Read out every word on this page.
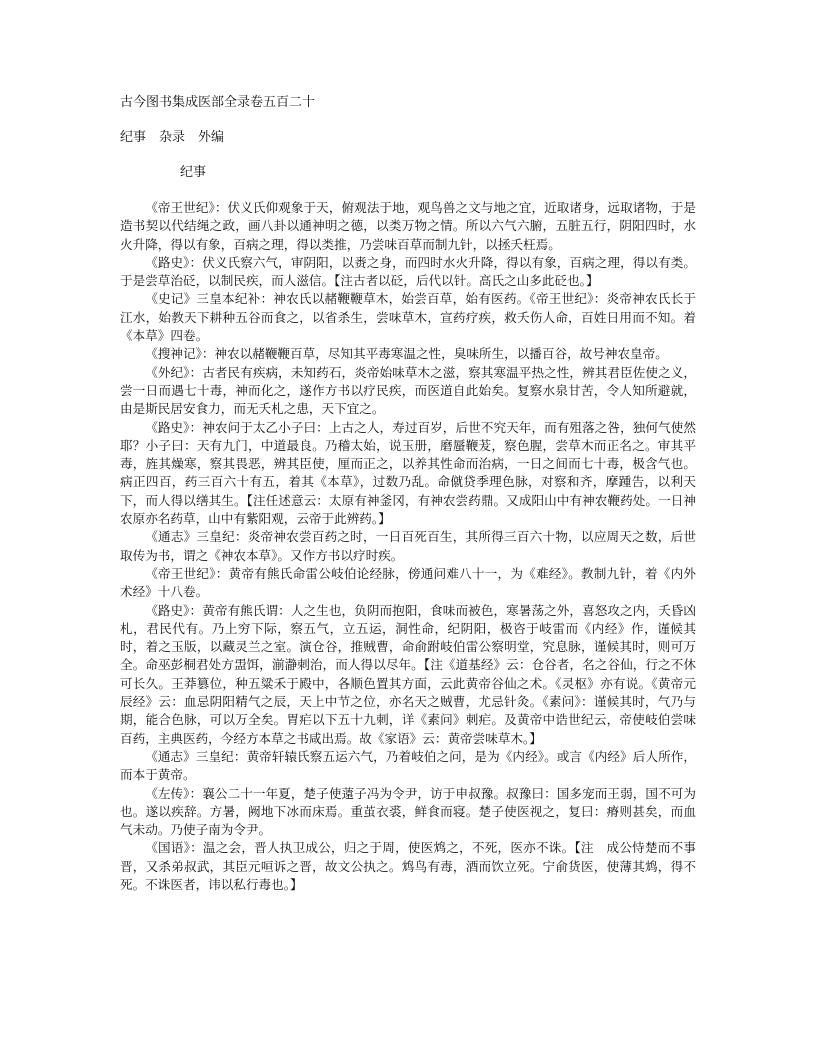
古今图书集成医部全录卷五百二十
纪事　杂录　外编
纪事

《帝王世纪》：伏义氏仰观象于天，俯观法于地，观鸟兽之文与地之宜，近取诸身，远取诸物，于是造书契以代结绳之政，画八卦以通神明之德，以类万物之情。所以六气六腑，五脏五行，阴阳四时，水火升降，得以有象，百病之理，得以类推，乃尝味百草而制九针，以拯夭枉焉。

《路史》：伏义氏察六气，审阴阳，以赉之身，而四时水火升降，得以有象，百病之理，得以有类。于是尝草治砭，以制民疾，而人滋信。【注古者以砭，后代以针。高氏之山多此砭也。】

《史记》三皇本纪补：神农氏以赭鞭鞭草木，始尝百草，始有医药。《帝王世纪》：炎帝神农氏长于江水，始教天下耕种五谷而食之，以省杀生，尝味草木，宣药疗疾，救夭伤人命，百姓日用而不知。着《本草》四卷。

《搜神记》：神农以赭鞭鞭百草，尽知其平毒寒温之性，臭味所生，以播百谷，故号神农皇帝。

《外纪》：古者民有疾病，未知药石，炎帝始味草木之滋，察其寒温平热之性，辨其君臣佐使之义，尝一日而遇七十毒，神而化之，遂作方书以疗民疾，而医道自此始矣。复察水泉甘苦，令人知所避就，由是斯民居安食力，而无夭札之患，天下宜之。

《路史》：神农问于太乙小子曰：上古之人，寿过百岁，后世不究天年，而有殂落之咎，独何气使然耶？小子曰：天有九门，中道最良。乃稽太始，说玉册，磨蜃鞭茇，察色腥，尝草木而正名之。审其平毒，旌其燥寒，察其畏恶，辨其臣使，厘而正之，以养其性命而治病，一日之间而七十毒，极含气也。病正四百，药三百六十有五，着其《本草》，过数乃乱。命僦贷季理色脉，对察和齐，摩踵告，以利天下，而人得以缮其生。【注任述意云：太原有神釜冈，有神农尝药鼎。又成阳山中有神农鞭药处。一日神农原亦名药草，山中有紫阳观，云帝于此辨药。】

《通志》三皇纪：炎帝神农尝百药之时，一日百死百生，其所得三百六十物，以应周天之数，后世取传为书，谓之《神农本草》。又作方书以疗时疾。

《帝王世纪》：黄帝有熊氏命雷公岐伯论经脉，傍通问难八十一，为《难经》。教制九针，着《内外术经》十八卷。

《路史》：黄帝有熊氏谓：人之生也，负阴而抱阳，食味而被色，寒暑荡之外，喜怒攻之内，夭昏凶札，君民代有。乃上穷下际，察五气，立五运，洞性命，纪阴阳，极咨于岐雷而《内经》作，谨候其时，着之玉版，以藏灵兰之室。演仓谷，推贼曹，命俞跗岐伯雷公察明堂，究息脉，谨候其时，则可万全。命巫彭桐君处方盄饵，湔瀞刺治，而人得以尽年。【注《道基经》云：仓谷者，名之谷仙，行之不休可长久。王莽篡位，种五粱禾于殿中，各顺色置其方面，云此黄帝谷仙之术。《灵枢》亦有说。《黄帝元辰经》云：血忌阴阳精气之辰，天上中节之位，亦名天之贼曹，尤忌针灸。《素问》：谨候其时，气乃与期，能合色脉，可以万全矣。胃疟以下五十九刺，详《素问》刺疟。及黄帝中诰世纪云，帝使岐伯尝味百药，主典医药，今经方本草之书咸出焉。故《家语》云：黄帝尝味草木。】

《通志》三皇纪：黄帝轩辕氏察五运六气，乃着岐伯之问，是为《内经》。或言《内经》后人所作，而本于黄帝。

《左传》：襄公二十一年夏，楚子使薳子冯为令尹，访于申叔豫。叔豫曰：国多宠而王弱，国不可为也。遂以疾辞。方暑，阙地下冰而床焉。重茧衣裘，鲜食而寝。楚子使医视之，复曰：瘠则甚矣，而血气未动。乃使子南为令尹。

《国语》：温之会，晋人执卫成公，归之于周，使医鸩之，不死，医亦不诛。【注　成公恃楚而不事晋，又杀弟叔武，其臣元咺诉之晋，故文公执之。鸩鸟有毒，酒而饮立死。宁俞货医，使薄其鸩，得不死。不诛医者，讳以私行毒也。】
